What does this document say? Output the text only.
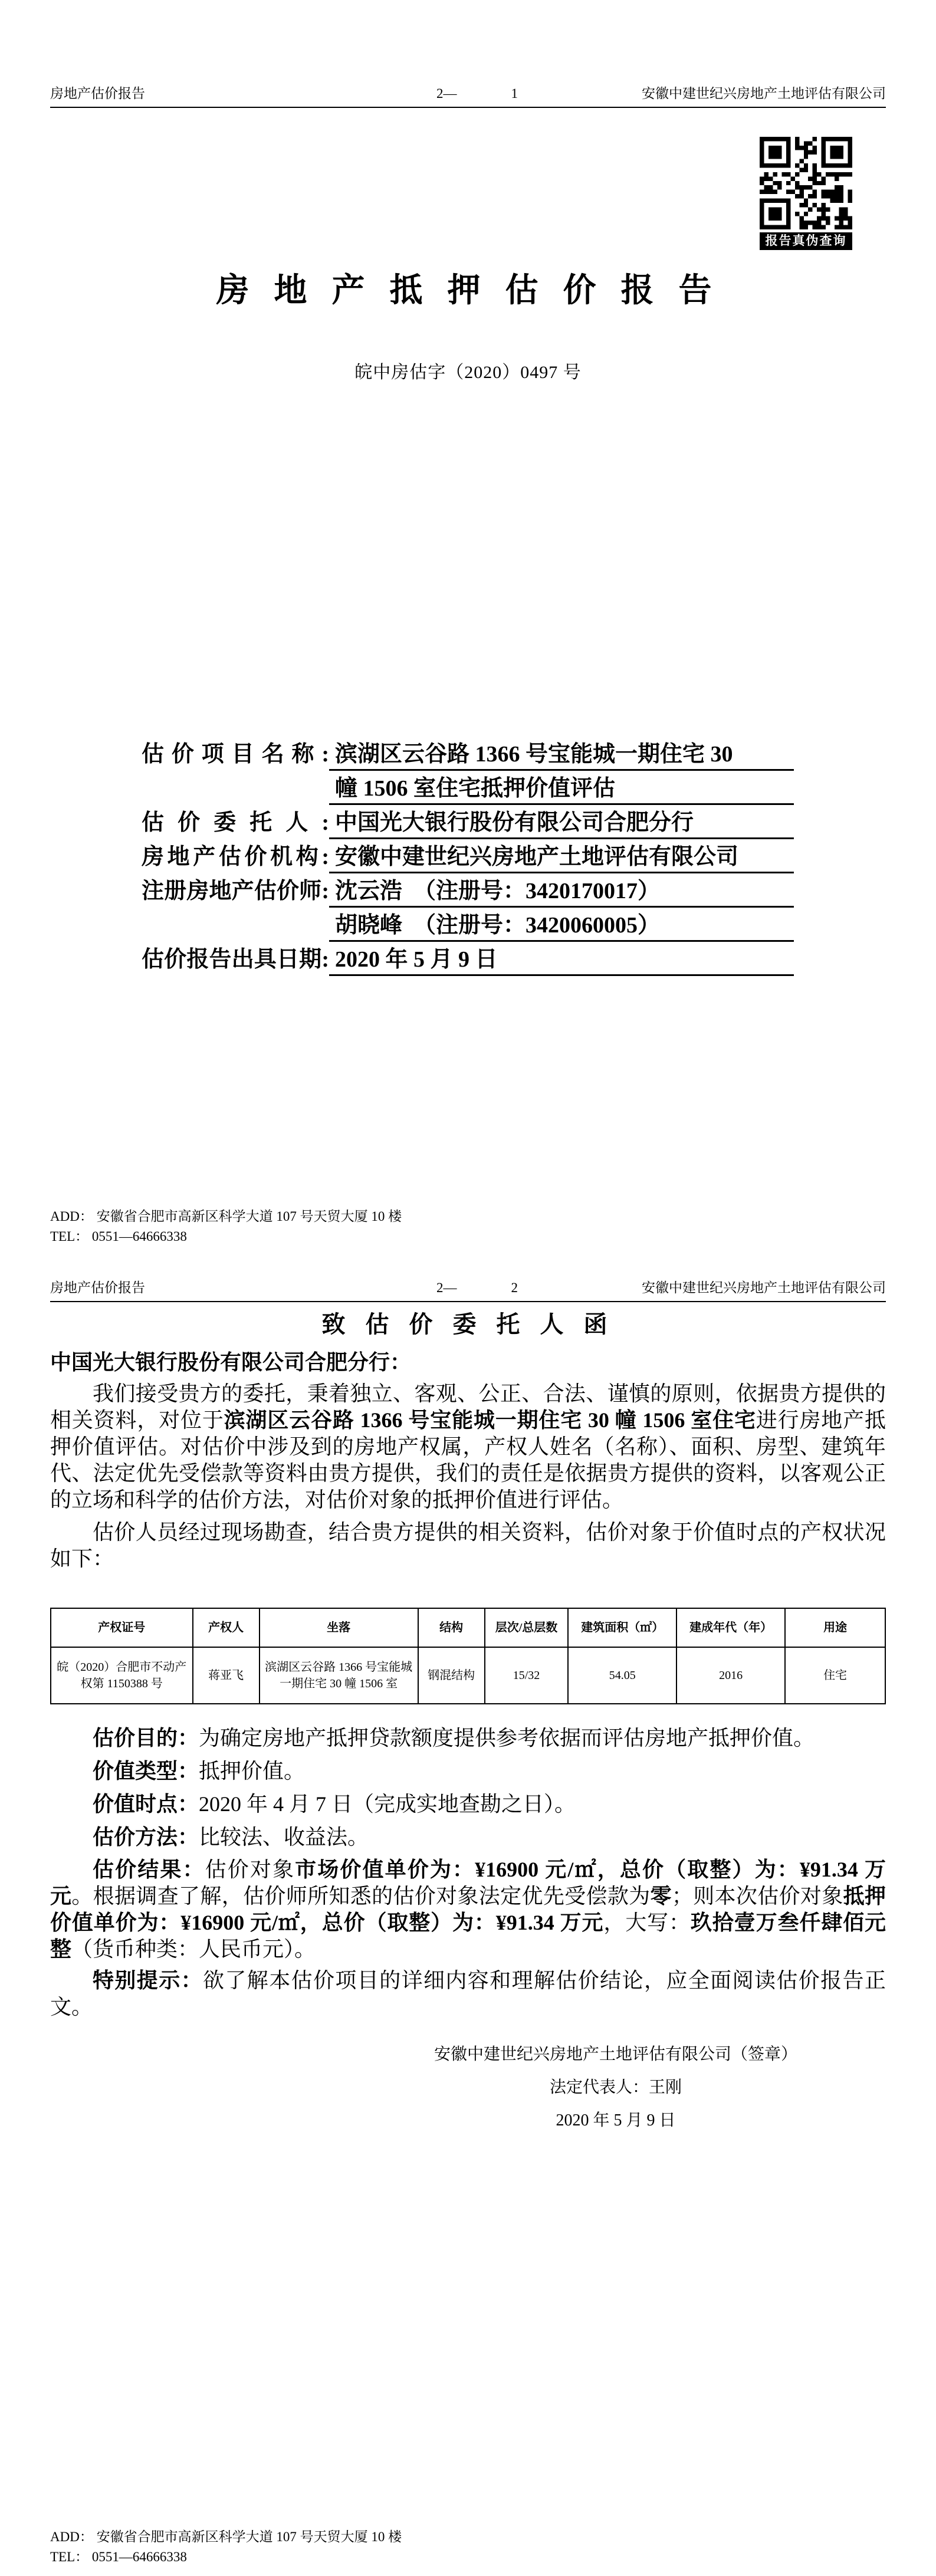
房地产估价报告	2—	1	安徽中建世纪兴房地产土地评估有限公司
房 地 产 抵 押 估 价 报 告
皖中房估字（2020）0497 号
估价项目名称: 滨湖区云谷路 1366 号宝能城一期住宅 30
幢 1506 室住宅抵押价值评估
估价委托人: 中国光大银行股份有限公司合肥分行
房地产估价机构: 安徽中建世纪兴房地产土地评估有限公司
注册房地产估价师: 沈云浩　（注册号：3420170017）
胡晓峰　（注册号：3420060005）
估价报告出具日期: 2020 年 5 月 9 日
报告真伪查询
ADD： 安徽省合肥市高新区科学大道 107 号天贸大厦 10 楼
TEL： 0551—64666338
房地产估价报告	2—	2	安徽中建世纪兴房地产土地评估有限公司
致 估 价 委 托 人 函
中国光大银行股份有限公司合肥分行：

我们接受贵方的委托，秉着独立、客观、公正、合法、谨慎的原则，依据贵方提供的相关资料，对位于滨湖区云谷路 1366 号宝能城一期住宅 30 幢 1506 室住宅进行房地产抵押价值评估。对估价中涉及到的房地产权属，产权人姓名（名称）、面积、房型、建筑年代、法定优先受偿款等资料由贵方提供，我们的责任是依据贵方提供的资料，以客观公正的立场和科学的估价方法，对估价对象的抵押价值进行评估。

估价人员经过现场勘查，结合贵方提供的相关资料，估价对象于价值时点的产权状况如下：

产权证号	产权人	坐落	结构	层次/总层数	建筑面积（㎡）	建成年代（年）	用途
皖（2020）合肥市不动产权第 1150388 号	蒋亚飞	滨湖区云谷路 1366 号宝能城一期住宅 30 幢 1506 室	钢混结构	15/32	54.05	2016	住宅

估价目的：为确定房地产抵押贷款额度提供参考依据而评估房地产抵押价值。

价值类型：抵押价值。

价值时点：2020 年 4 月 7 日（完成实地查勘之日）。

估价方法：比较法、收益法。

估价结果：估价对象市场价值单价为：¥16900 元/㎡，总价（取整）为：¥91.34 万元。根据调查了解，估价师所知悉的估价对象法定优先受偿款为零；则本次估价对象抵押价值单价为：¥16900 元/㎡，总价（取整）为：¥91.34 万元，大写：玖拾壹万叁仟肆佰元整（货币种类：人民币元）。

特别提示：欲了解本估价项目的详细内容和理解估价结论，应全面阅读估价报告正文。

安徽中建世纪兴房地产土地评估有限公司（签章）
法定代表人：王刚
2020 年 5 月 9 日
ADD： 安徽省合肥市高新区科学大道 107 号天贸大厦 10 楼
TEL： 0551—64666338
